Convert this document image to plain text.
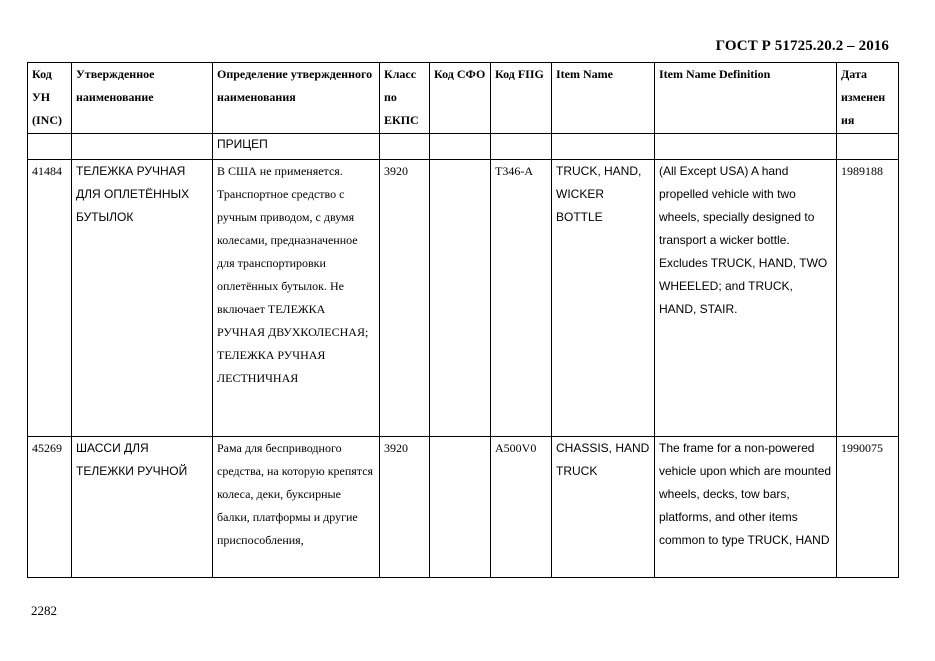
ГОСТ Р 51725.20.2 – 2016
Код УН (INC)	Утвержденное наименование	Определение утвержденного наименования	Класс по ЕКПС	Код СФО	Код FIIG	Item Name	Item Name Definition	Дата изменен ия
		ПРИЦЕП						
41484	ТЕЛЕЖКА РУЧНАЯ ДЛЯ ОПЛЕТЁННЫХ БУТЫЛОК	В США не применяется. Транспортное средство с ручным приводом, с двумя колесами, предназначенное для транспортировки оплетённых бутылок. Не включает ТЕЛЕЖКА РУЧНАЯ ДВУХКОЛЕСНАЯ; ТЕЛЕЖКА РУЧНАЯ ЛЕСТНИЧНАЯ	3920		T346-A	TRUCK, HAND, WICKER BOTTLE	(All Except USA) A hand propelled vehicle with two wheels, specially designed to transport a wicker bottle. Excludes TRUCK, HAND, TWO WHEELED; and TRUCK, HAND, STAIR.	1989188
45269	ШАССИ ДЛЯ ТЕЛЕЖКИ РУЧНОЙ	Рама для бесприводного средства, на которую крепятся колеса, деки, буксирные балки, платформы и другие приспособления,	3920		A500V0	CHASSIS, HAND TRUCK	The frame for a non-powered vehicle upon which are mounted wheels, decks, tow bars, platforms, and other items common to type TRUCK, HAND	1990075
2282
